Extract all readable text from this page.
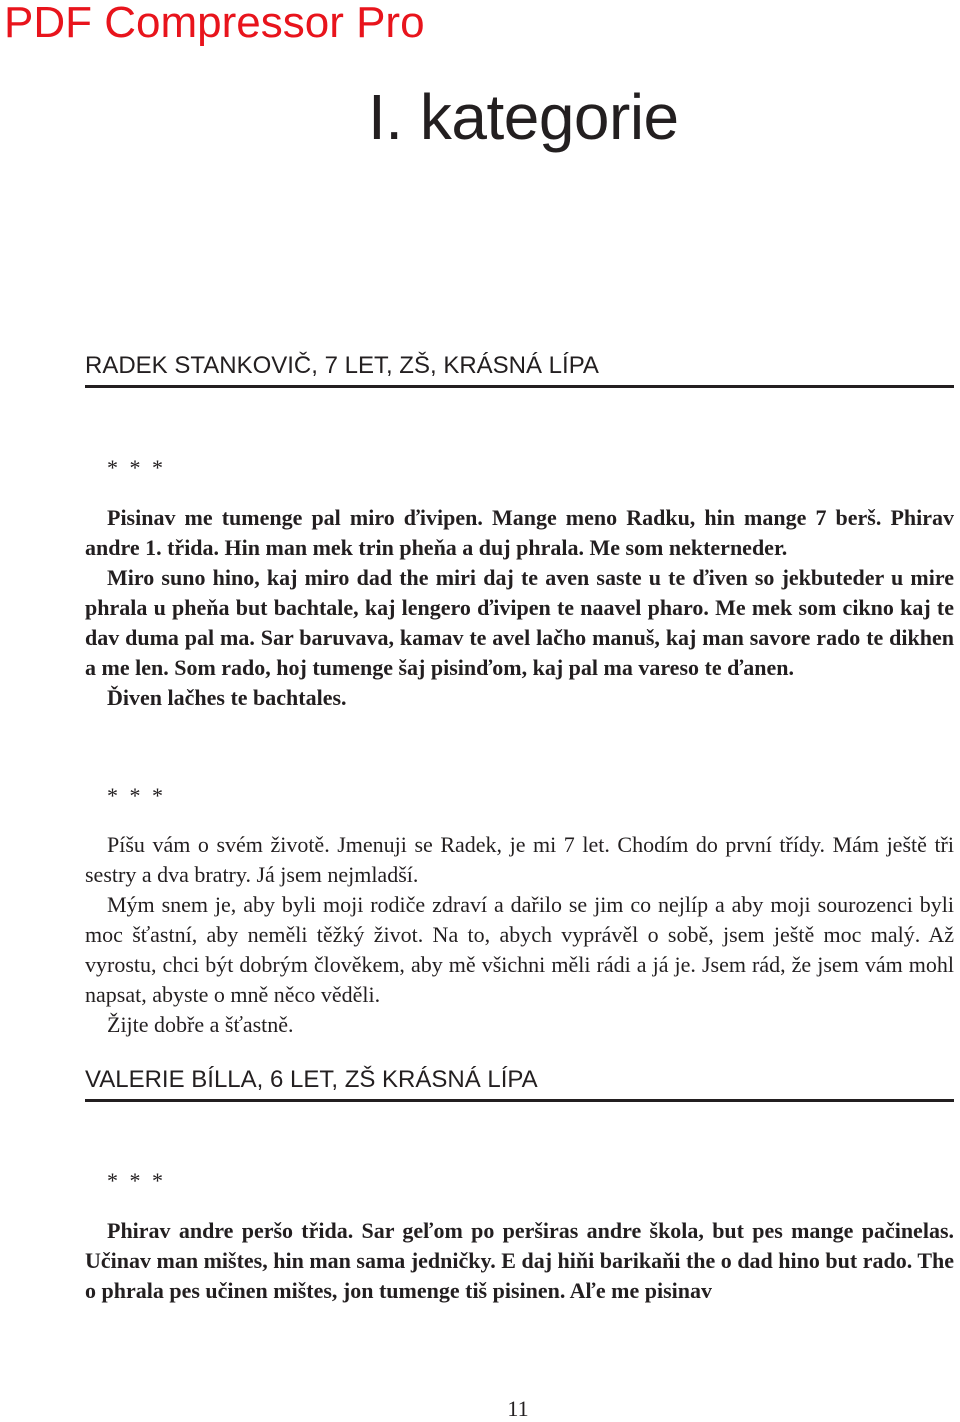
PDF Compressor Pro
I. kategorie
RADEK STANKOVIČ, 7 LET, ZŠ, KRÁSNÁ LÍPA
* * *
Pisinav me tumenge pal miro ďivipen. Mange meno Radku, hin mange 7 berš. Phirav andre 1. třida. Hin man mek trin pheňa a duj phrala. Me som nekterneder.
Miro suno hino, kaj miro dad the miri daj te aven saste u te ďiven so jekbuteder u mire phrala u pheňa but bachtale, kaj lengero ďivipen te naavel pharo. Me mek som cikno kaj te dav duma pal ma. Sar baruvava, kamav te avel lačho manuš, kaj man savore rado te dikhen a me len. Som rado, hoj tumenge šaj pisinďom, kaj pal ma vareso te ďanen.
Ďiven lačhes te bachtales.
* * *
Píšu vám o svém životě. Jmenuji se Radek, je mi 7 let. Chodím do první třídy. Mám ještě tři sestry a dva bratry. Já jsem nejmladší.
Mým snem je, aby byli moji rodiče zdraví a dařilo se jim co nejlíp a aby moji sourozenci byli moc šťastní, aby neměli těžký život. Na to, abych vyprávěl o sobě, jsem ještě moc malý. Až vyrostu, chci být dobrým člověkem, aby mě všichni měli rádi a já je. Jsem rád, že jsem vám mohl napsat, abyste o mně něco věděli.
Žijte dobře a šťastně.
VALERIE BÍLLA, 6 LET, ZŠ KRÁSNÁ LÍPA
* * *
Phirav andre peršo třida. Sar geľom po perširas andre škola, but pes mange pačinelas. Učinav man mištes, hin man sama jedničky. E daj hiňi barikaňi the o dad hino but rado. The o phrala pes učinen mištes, jon tumenge tiš pisinen. Aľe me pisinav
11
